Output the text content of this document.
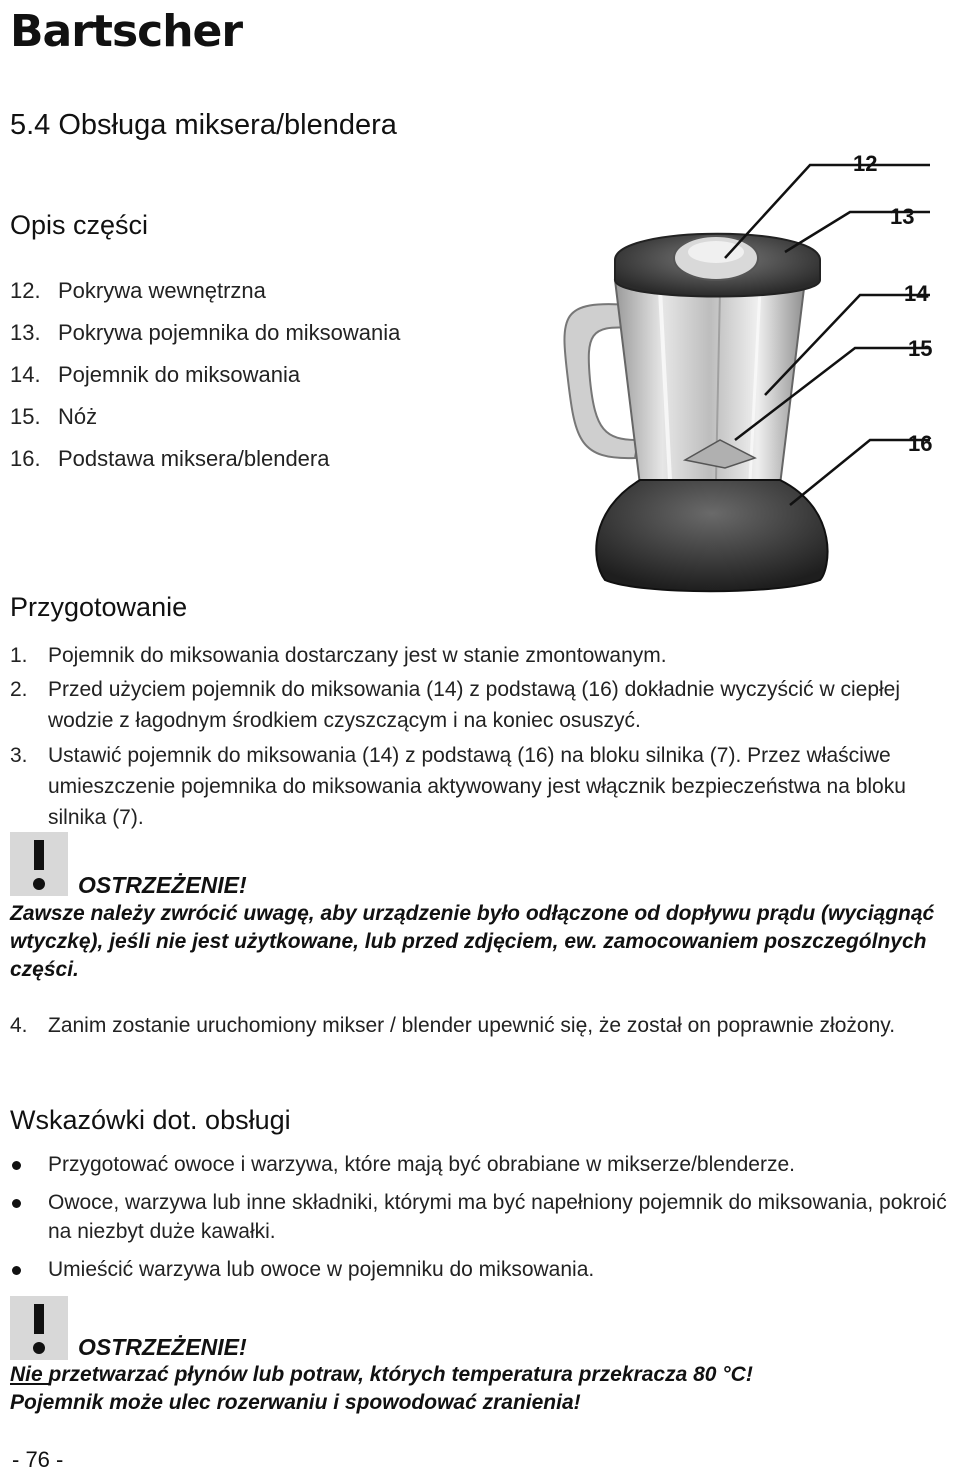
Bartscher
5.4 Obsługa miksera/blendera
Opis części
12. Pokrywa wewnętrzna
13. Pokrywa pojemnika do miksowania
14. Pojemnik do miksowania
15. Nóż
16. Podstawa miksera/blendera
12
13
14
15
16
Przygotowanie
1. Pojemnik do miksowania dostarczany jest w stanie zmontowanym.
2. Przed użyciem pojemnik do miksowania (14) z podstawą (16) dokładnie wyczyścić w ciepłej wodzie z łagodnym środkiem czyszczącym i na koniec osuszyć.
3. Ustawić pojemnik do miksowania (14) z podstawą (16) na bloku silnika (7). Przez właściwe umieszczenie pojemnika do miksowania aktywowany jest włącznik bezpieczeństwa na bloku silnika (7).
OSTRZEŻENIE!
Zawsze należy zwrócić uwagę, aby urządzenie było odłączone od dopływu prądu (wyciągnąć wtyczkę), jeśli nie jest użytkowane, lub przed zdjęciem, ew. zamocowaniem poszczególnych części.
4. Zanim zostanie uruchomiony mikser / blender upewnić się, że został on poprawnie złożony.
Wskazówki dot. obsługi
Przygotować owoce i warzywa, które mają być obrabiane w mikserze/blenderze.
Owoce, warzywa lub inne składniki, którymi ma być napełniony pojemnik do miksowania, pokroić na niezbyt duże kawałki.
Umieścić warzywa lub owoce w pojemniku do miksowania.
OSTRZEŻENIE!
Nie przetwarzać płynów lub potraw, których temperatura przekracza 80 °C!
Pojemnik może ulec rozerwaniu i spowodować zranienia!
- 76 -
